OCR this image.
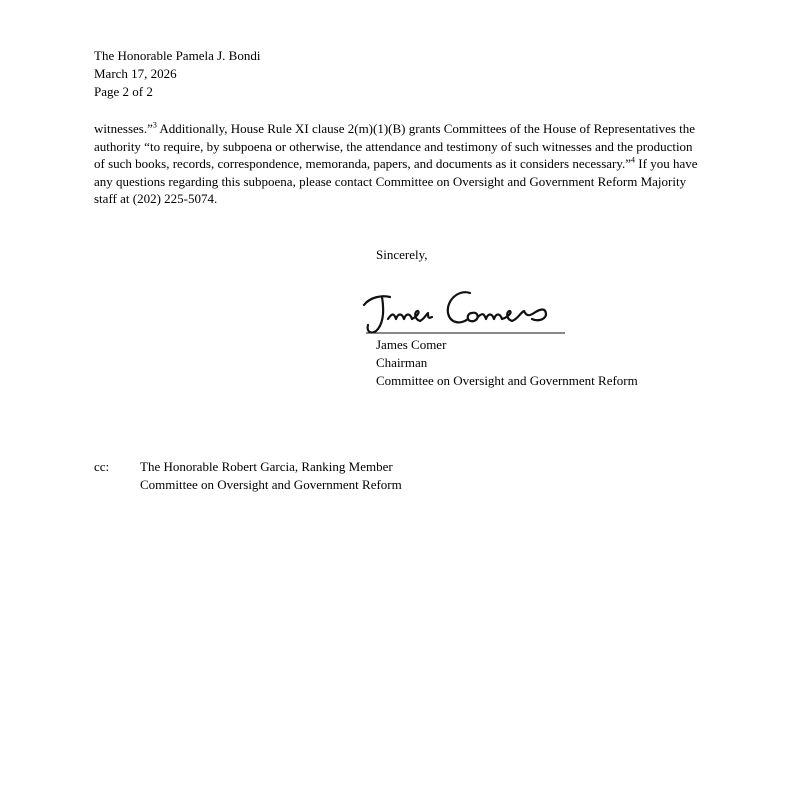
The Honorable Pamela J. Bondi
March 17, 2026
Page 2 of 2
witnesses.”$^3$ Additionally, House Rule XI clause 2(m)(1)(B) grants Committees of the House of Representatives the authority “to require, by subpoena or otherwise, the attendance and testimony of such witnesses and the production of such books, records, correspondence, memoranda, papers, and documents as it considers necessary.”$^4$ If you have any questions regarding this subpoena, please contact Committee on Oversight and Government Reform Majority staff at (202) 225-5074.
Sincerely,
James Comer
Chairman
Committee on Oversight and Government Reform
cc: The Honorable Robert Garcia, Ranking Member
Committee on Oversight and Government Reform
